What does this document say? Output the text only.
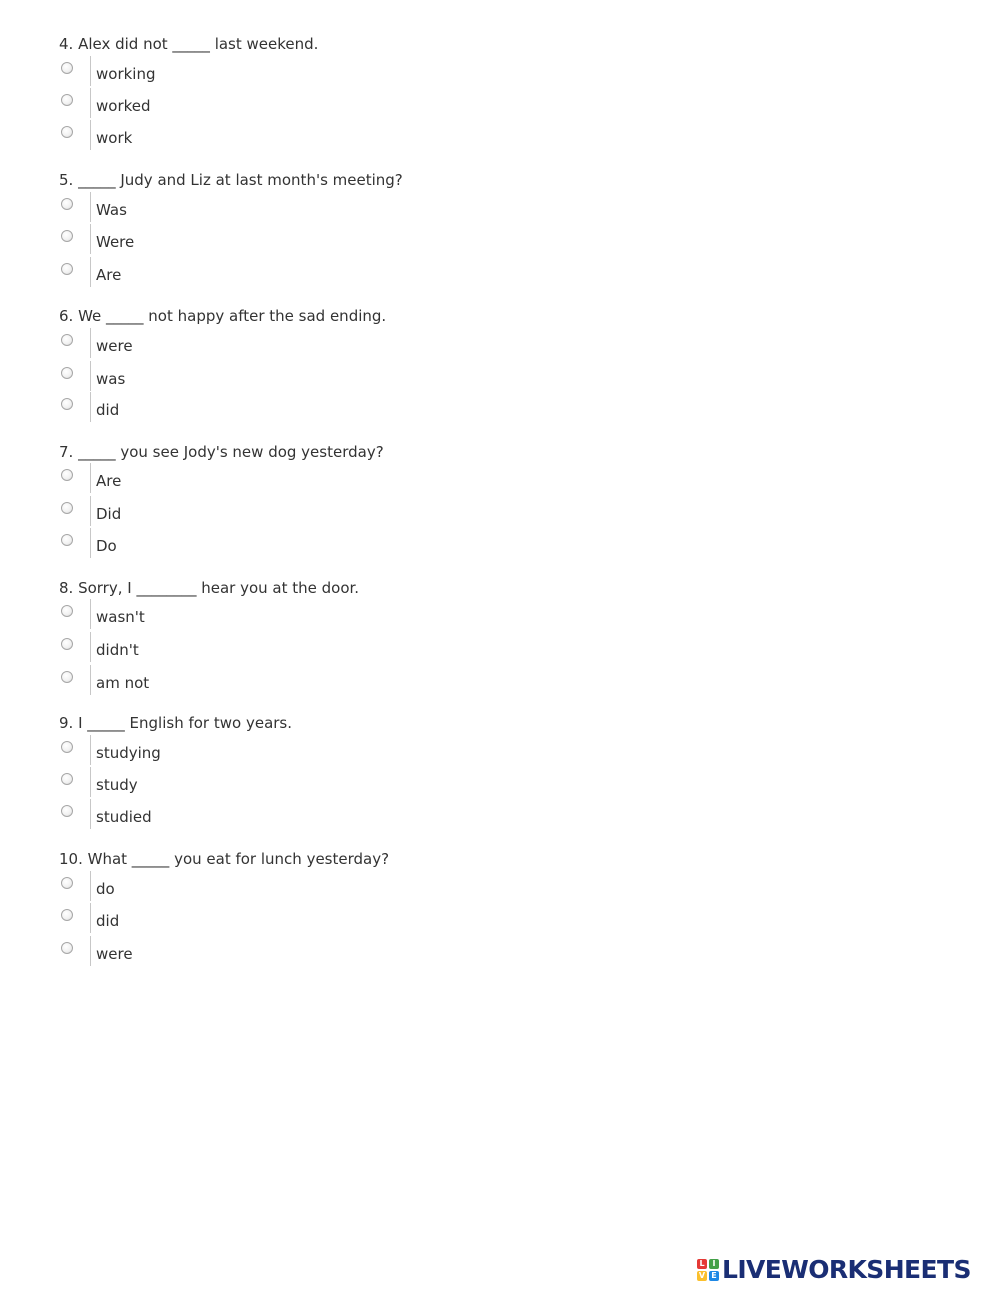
4. Alex did not _____ last weekend.

working
worked
work

5. _____ Judy and Liz at last month's meeting?

Was
Were
Are

6. We _____ not happy after the sad ending.

were
was
did

7. _____ you see Jody's new dog yesterday?

Are
Did
Do

8. Sorry, I ________ hear you at the door.

wasn't
didn't
am not

9. I _____ English for two years.

studying
study
studied

10. What _____ you eat for lunch yesterday?

do
did
were
L I
V E LIVEWORKSHEETS
